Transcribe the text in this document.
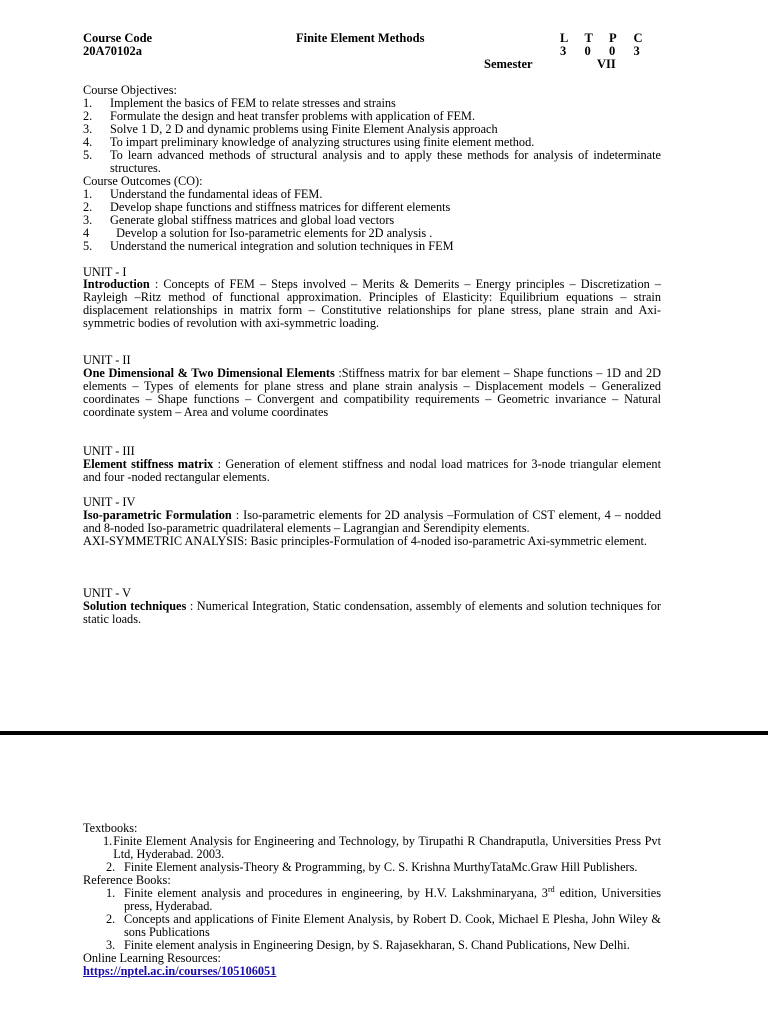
Course Code
20A70102a
Finite Element Methods	L T P C
3 0 0 3
Semester	VII
Course Objectives:
1.	Implement the basics of FEM to relate stresses and strains
2.	Formulate the design and heat transfer problems with application of FEM.
3.	Solve 1 D, 2 D and dynamic problems using Finite Element Analysis approach
4.	To impart preliminary knowledge of analyzing structures using finite element method.
5.	To learn advanced methods of structural analysis and to apply these methods for analysis of indeterminate structures.
Course Outcomes (CO):
1.	Understand the fundamental ideas of FEM.
2.	Develop shape functions and stiffness matrices for different elements
3.	Generate global stiffness matrices and global load vectors
4	Develop a solution for Iso-parametric elements for 2D analysis .
5.	Understand the numerical integration and solution techniques in FEM
UNIT - I
Introduction : Concepts of FEM – Steps involved – Merits & Demerits – Energy principles – Discretization – Rayleigh –Ritz method of functional approximation. Principles of Elasticity: Equilibrium equations – strain displacement relationships in matrix form – Constitutive relationships for plane stress, plane strain and Axi-symmetric bodies of revolution with axi-symmetric loading.
UNIT - II
One Dimensional & Two Dimensional Elements :Stiffness matrix for bar element – Shape functions – 1D and 2D elements – Types of elements for plane stress and plane strain analysis – Displacement models – Generalized coordinates – Shape functions – Convergent and compatibility requirements – Geometric invariance – Natural coordinate system – Area and volume coordinates
UNIT - III
Element stiffness matrix : Generation of element stiffness and nodal load matrices for 3-node triangular element and four -noded rectangular elements.
UNIT - IV
Iso-parametric Formulation : Iso-parametric elements for 2D analysis –Formulation of CST element, 4 – nodded and 8-noded Iso-parametric quadrilateral elements – Lagrangian and Serendipity elements.
AXI-SYMMETRIC ANALYSIS: Basic principles-Formulation of 4-noded iso-parametric Axi-symmetric element.
UNIT - V
Solution techniques : Numerical Integration, Static condensation, assembly of elements and solution techniques for static loads.
Textbooks:
1. Finite Element Analysis for Engineering and Technology, by Tirupathi R Chandraputla, Universities Press Pvt Ltd, Hyderabad. 2003.
2. Finite Element analysis-Theory & Programming, by C. S. Krishna MurthyTataMc.Graw Hill Publishers.
Reference Books:
1. Finite element analysis and procedures in engineering, by H.V. Lakshminaryana, 3rd edition, Universities press, Hyderabad.
2. Concepts and applications of Finite Element Analysis, by Robert D. Cook, Michael E Plesha, John Wiley & sons Publications
3. Finite element analysis in Engineering Design, by S. Rajasekharan, S. Chand Publications, New Delhi.
Online Learning Resources:
https://nptel.ac.in/courses/105106051
